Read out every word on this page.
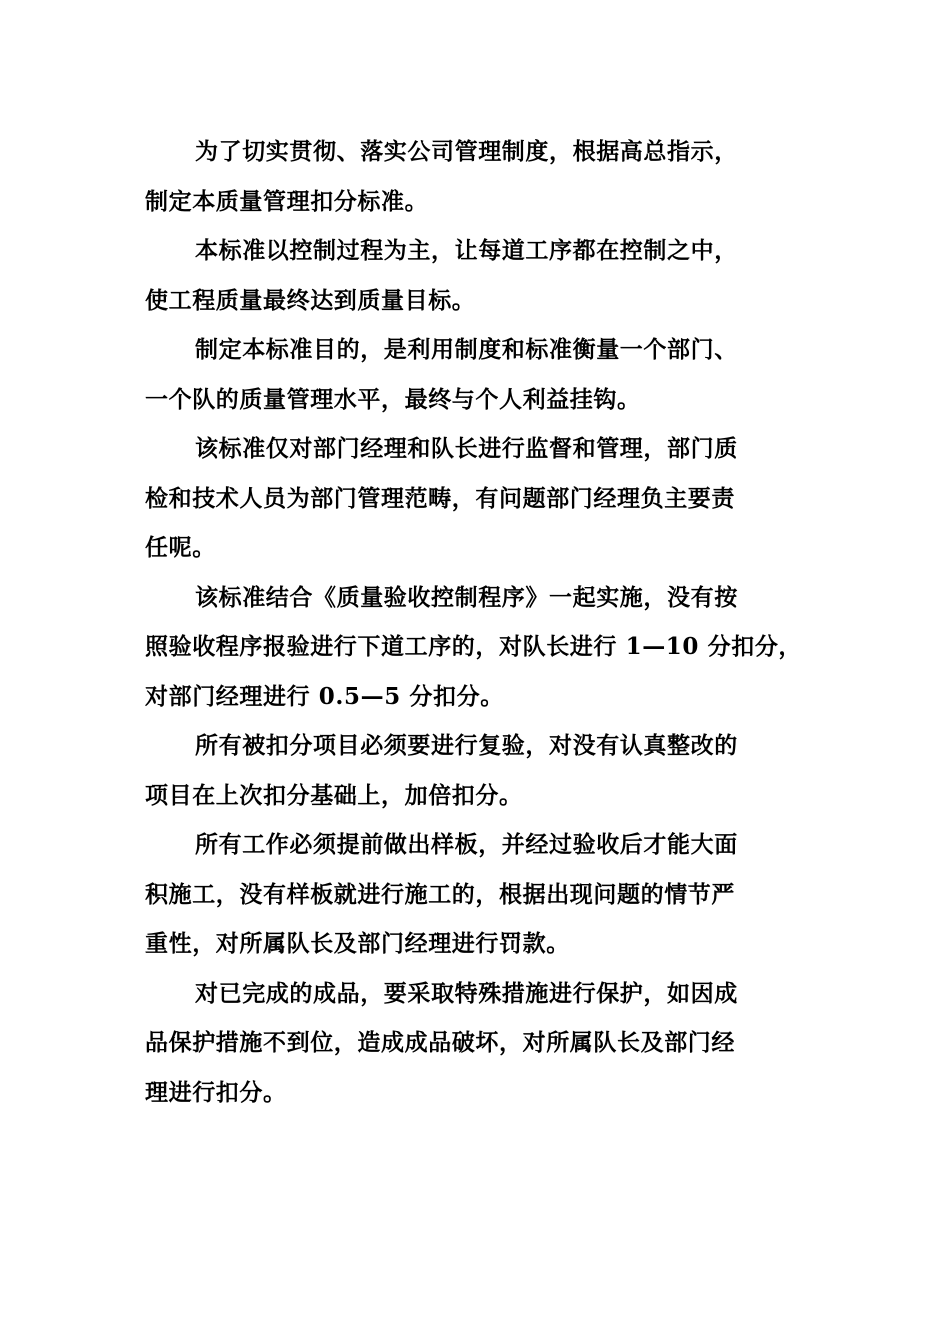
为了切实贯彻、落实公司管理制度，根据高总指示，
制定本质量管理扣分标准。

本标准以控制过程为主，让每道工序都在控制之中，
使工程质量最终达到质量目标。

制定本标准目的，是利用制度和标准衡量一个部门、
一个队的质量管理水平，最终与个人利益挂钩。

该标准仅对部门经理和队长进行监督和管理，部门质
检和技术人员为部门管理范畴，有问题部门经理负主要责
任呢。

该标准结合《质量验收控制程序》一起实施，没有按
照验收程序报验进行下道工序的，对队长进行 1—10 分扣分，
对部门经理进行 0.5—5 分扣分。

所有被扣分项目必须要进行复验，对没有认真整改的
项目在上次扣分基础上，加倍扣分。

所有工作必须提前做出样板，并经过验收后才能大面
积施工，没有样板就进行施工的，根据出现问题的情节严
重性，对所属队长及部门经理进行罚款。

对已完成的成品，要采取特殊措施进行保护，如因成
品保护措施不到位，造成成品破坏，对所属队长及部门经
理进行扣分。
